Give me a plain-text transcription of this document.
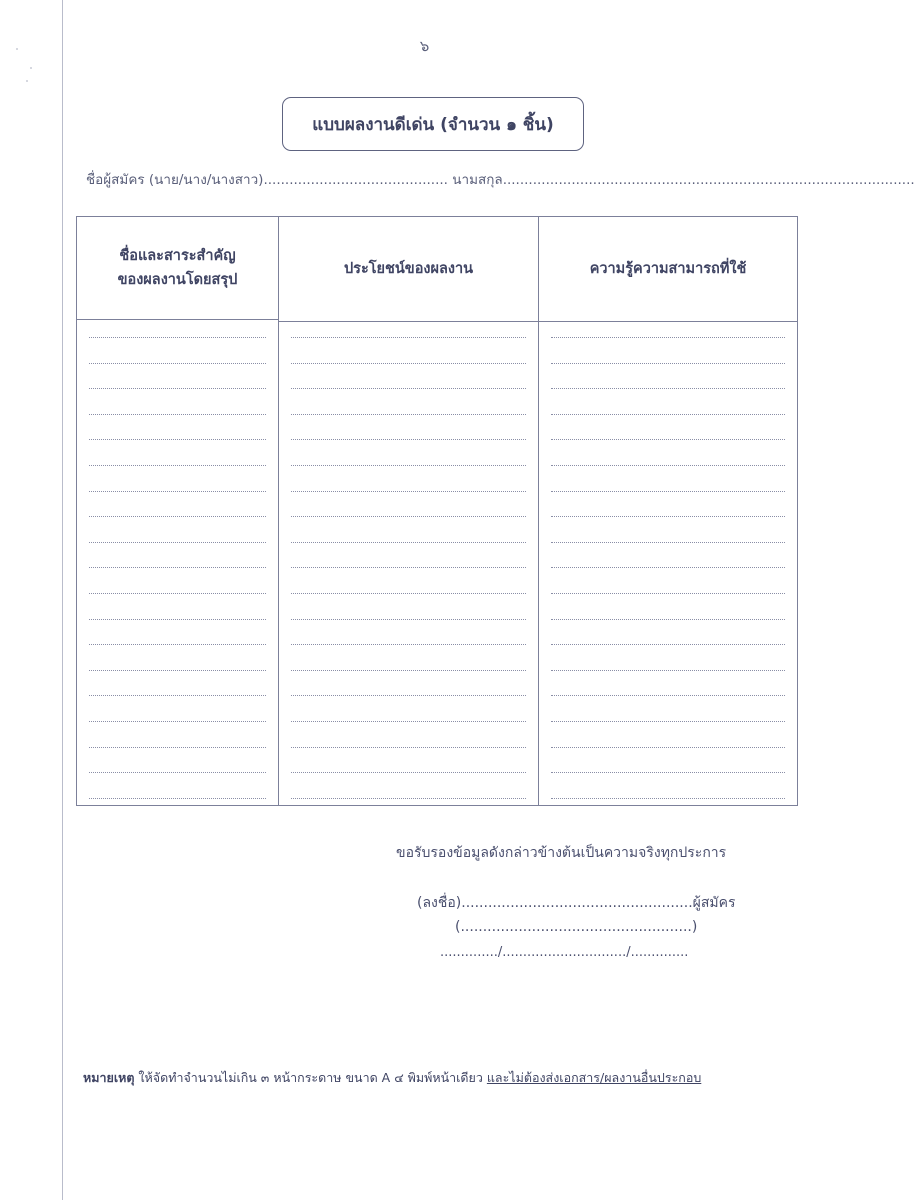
๖
แบบผลงานดีเด่น (จำนวน ๑ ชิ้น)
ชื่อผู้สมัคร (นาย/นาง/นางสาว)........................................... นามสกุล................................................................................................
ชื่อและสาระสำคัญ
ของผลงานโดยสรุป
ประโยชน์ของผลงาน	ความรู้ความสามารถที่ใช้
ขอรับรองข้อมูลดังกล่าวข้างต้นเป็นความจริงทุกประการ
(ลงชื่อ)....................................................ผู้สมัคร
(....................................................)
............../............................../..............
หมายเหตุ ให้จัดทำจำนวนไม่เกิน ๓ หน้ากระดาษ ขนาด A ๔ พิมพ์หน้าเดียว และไม่ต้องส่งเอกสาร/ผลงานอื่นประกอบ
